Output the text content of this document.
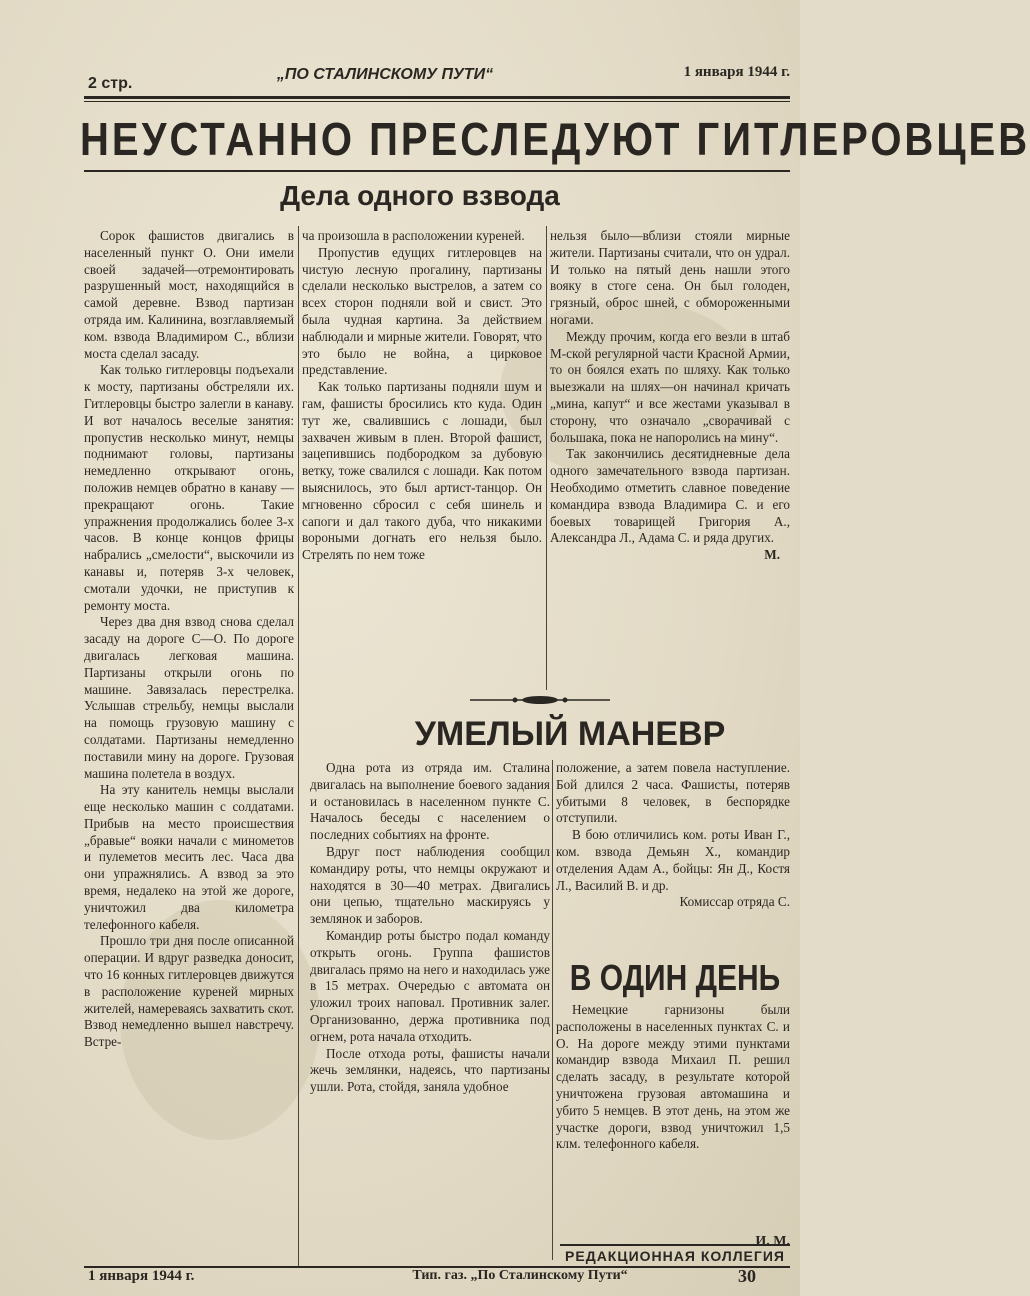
2 стр.
„ПО СТАЛИНСКОМУ ПУТИ“	1 января 1944 г.
НЕУСТАННО ПРЕСЛЕДУЮТ ГИТЛЕРОВЦЕВ
Дела одного взвода

Сорок фашистов двигались в населенный пункт О. Они имели своей задачей—отремонтировать разрушенный мост, находящийся в самой деревне. Взвод партизан отряда им. Калинина, возглавляемый ком. взвода Владимиром С., вблизи моста сделал засаду.

Как только гитлеровцы подъехали к мосту, партизаны обстреляли их. Гитлеровцы быстро залегли в канаву. И вот началось веселые занятия: пропустив несколько минут, немцы поднимают головы, партизаны немедленно открывают огонь, положив немцев обратно в канаву — прекращают огонь. Такие упражнения продолжались более 3-х часов. В конце концов фрицы набрались „смелости“, выскочили из канавы и, потеряв 3-х человек, смотали удочки, не приступив к ремонту моста.

Через два дня взвод снова сделал засаду на дороге С—О. По дороге двигалась легковая машина. Партизаны открыли огонь по машине. Завязалась перестрелка. Услышав стрельбу, немцы выслали на помощь грузовую машину с солдатами. Партизаны немедленно поставили мину на дороге. Грузовая машина полетела в воздух.

На эту канитель немцы выслали еще несколько машин с солдатами. Прибыв на место происшествия „бравые“ вояки начали с минометов и пулеметов месить лес. Часа два они упражнялись. А взвод за это время, недалеко на этой же дороге, уничтожил два километра телефонного кабеля.

Прошло три дня после описанной операции. И вдруг разведка доносит, что 16 конных гитлеровцев движутся в расположение куреней мирных жителей, намереваясь захватить скот. Взвод немедленно вышел навстречу. Встре-

ча произошла в расположении куреней.

Пропустив едущих гитлеровцев на чистую лесную прогалину, партизаны сделали несколько выстрелов, а затем со всех сторон подняли вой и свист. Это была чудная картина. За действием наблюдали и мирные жители. Говорят, что это было не война, а цирковое представление.

Как только партизаны подняли шум и гам, фашисты бросились кто куда. Один тут же, свалившись с лошади, был захвачен живым в плен. Второй фашист, зацепившись подбородком за дубовую ветку, тоже свалился с лошади. Как потом выяснилось, это был артист-танцор. Он мгновенно сбросил с себя шинель и сапоги и дал такого дуба, что никакими вороными догнать его нельзя было. Стрелять по нем тоже

нельзя было—вблизи стояли мирные жители. Партизаны считали, что он удрал. И только на пятый день нашли этого вояку в стоге сена. Он был голоден, грязный, оброс шней, с обмороженными ногами.

Между прочим, когда его везли в штаб М-ской регулярной части Красной Армии, то он боялся ехать по шляху. Как только выезжали на шлях—он начинал кричать „мина, капут“ и все жестами указывал в сторону, что означало „сворачивай с большака, пока не напоролись на мину“.

Так закончились десятидневные дела одного замечательного взвода партизан. Необходимо отметить славное поведение командира взвода Владимира С. и его боевых товарищей Григория А., Александра Л., Адама С. и ряда других.

М.
УМЕЛЫЙ МАНЕВР

Одна рота из отряда им. Сталина двигалась на выполнение боевого задания и остановилась в населенном пункте С. Началось беседы с населением о последних событиях на фронте.

Вдруг пост наблюдения сообщил командиру роты, что немцы окружают и находятся в 30—40 метрах. Двигались они цепью, тщательно маскируясь у землянок и заборов.

Командир роты быстро подал команду открыть огонь. Группа фашистов двигалась прямо на него и находилась уже в 15 метрах. Очередью с автомата он уложил троих наповал. Противник залег. Организованно, держа противника под огнем, рота начала отходить.

После отхода роты, фашисты начали жечь землянки, надеясь, что партизаны ушли. Рота, стойдя, заняла удобное

положение, а затем повела наступление. Бой длился 2 часа. Фашисты, потеряв убитыми 8 человек, в беспорядке отступили.

В бою отличились ком. роты Иван Г., ком. взвода Демьян Х., командир отделения Адам А., бойцы: Ян Д., Костя Л., Василий В. и др.

Комиссар отряда С.
В ОДИН ДЕНЬ

Немецкие гарнизоны были расположены в населенных пунктах С. и О. На дороге между этими пунктами командир взвода Михаил П. решил сделать засаду, в результате которой уничтожена грузовая автомашина и убито 5 немцев. В этот день, на этом же участке дороги, взвод уничтожил 1,5 клм. телефонного кабеля.

И. М.
РЕДАКЦИОННАЯ КОЛЛЕГИЯ
1 января 1944 г.	Тип. газ. „По Сталинскому Пути“	30
